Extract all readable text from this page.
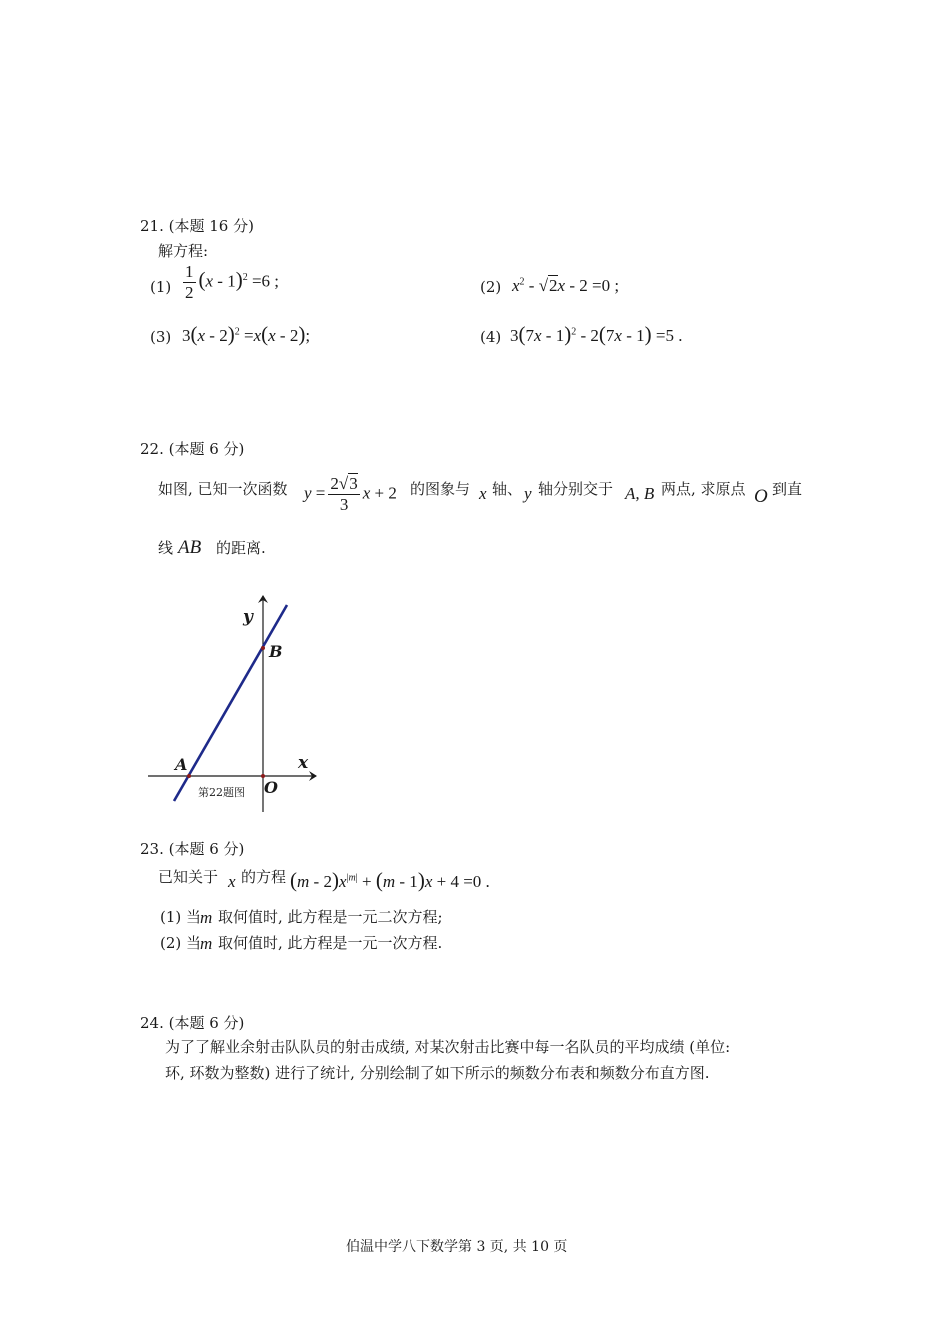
21. (本题 16 分)
解方程:
$(1) \frac{1}{2} (x - 1)^2 =6$ ;	(2) $x^2 - √2x - 2 =0$ ;
(3) 3(x - 2)$^2$ =x(x - 2);	(4) 3(7x - 1)$^2$ - 2(7x - 1) =5 .
22. (本题 6 分)
如图, 已知一次函数 $y = \frac{2√3}{3}$ x + 2 的图象与 x 轴、 y 轴分别交于 A, B 两点, 求原点 O 到直
线 AB 的距离.
y
x
B
A
O
第22题图
23. (本题 6 分)
已知关于 x 的方程 $(m - 2)x^{|m|} + (m - 1)x + 4 =0$ .
(1) 当
m 取何值时, 此方程是一元二次方程;
(2) 当
m 取何值时, 此方程是一元一次方程.
24. (本题 6 分)
为了了解业余射击队队员的射击成绩, 对某次射击比赛中每一名队员的平均成绩 (单位:
环, 环数为整数) 进行了统计, 分别绘制了如下所示的频数分布表和频数分布直方图.
伯温中学八下数学第 3 页, 共 10 页
